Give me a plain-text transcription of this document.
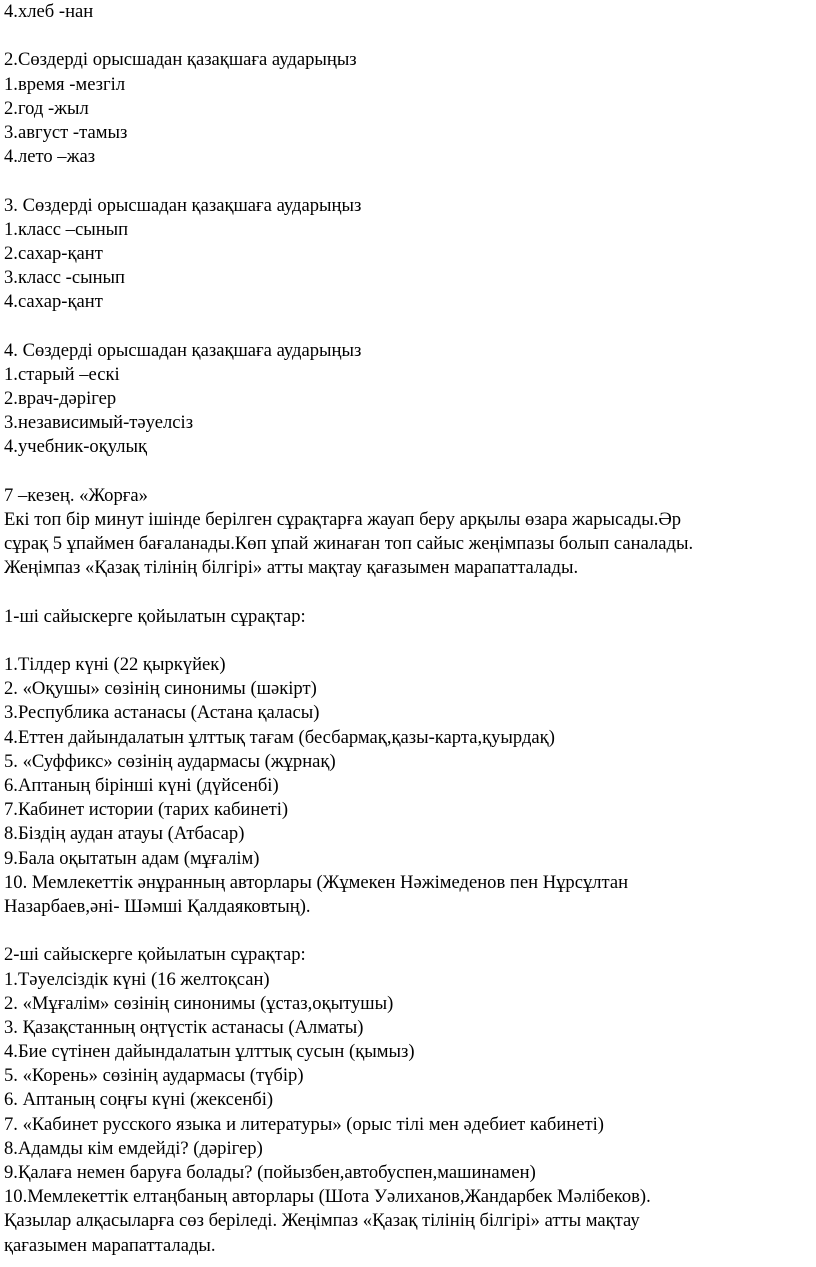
4.хлеб -нан
2.Сөздерді орысшадан қазақшаға аударыңыз
1.время -мезгіл
2.год -жыл
3.август -тамыз
4.лето –жаз
3. Сөздерді орысшадан қазақшаға аударыңыз
1.класс –сынып
2.сахар-қант
3.класс -сынып
4.сахар-қант
4. Сөздерді орысшадан қазақшаға аударыңыз
1.старый –ескі
2.врач-дәрігер
3.независимый-тәуелсіз
4.учебник-оқулық
7 –кезең. «Жорға»
Екі топ бір минут ішінде берілген сұрақтарға жауап беру арқылы өзара жарысады.Әр
сұрақ 5 ұпаймен бағаланады.Көп ұпай жинаған топ сайыс жеңімпазы болып саналады.
Жеңімпаз «Қазақ тілінің білгірі» атты мақтау қағазымен марапатталады.
1-ші сайыскерге қойылатын сұрақтар:
1.Тілдер күні (22 қыркүйек)
2. «Оқушы» сөзінің синонимы (шәкірт)
3.Республика астанасы (Астана қаласы)
4.Еттен дайындалатын ұлттық тағам (бесбармақ,қазы-карта,қуырдақ)
5. «Суффикс» сөзінің аудармасы (жұрнақ)
6.Аптаның бірінші күні (дүйсенбі)
7.Кабинет истории (тарих кабинеті)
8.Біздің аудан атауы (Атбасар)
9.Бала оқытатын адам (мұғалім)
10. Мемлекеттік әнұранның авторлары (Жұмекен Нәжімеденов пен Нұрсұлтан
Назарбаев,әні- Шәмші Қалдаяковтың).
2-ші сайыскерге қойылатын сұрақтар:
1.Тәуелсіздік күні (16 желтоқсан)
2. «Мұғалім» сөзінің синонимы (ұстаз,оқытушы)
3. Қазақстанның оңтүстік астанасы (Алматы)
4.Бие сүтінен дайындалатын ұлттық сусын (қымыз)
5. «Корень» сөзінің аудармасы (түбір)
6. Аптаның соңғы күні (жексенбі)
7. «Кабинет русского языка и литературы» (орыс тілі мен әдебиет кабинеті)
8.Адамды кім емдейді? (дәрігер)
9.Қалаға немен баруға болады? (пойызбен,автобуспен,машинамен)
10.Мемлекеттік елтаңбаның авторлары (Шота Уәлиханов,Жандарбек Мәлібеков).
Қазылар алқасыларға сөз беріледі. Жеңімпаз «Қазақ тілінің білгірі» атты мақтау
қағазымен марапатталады.
